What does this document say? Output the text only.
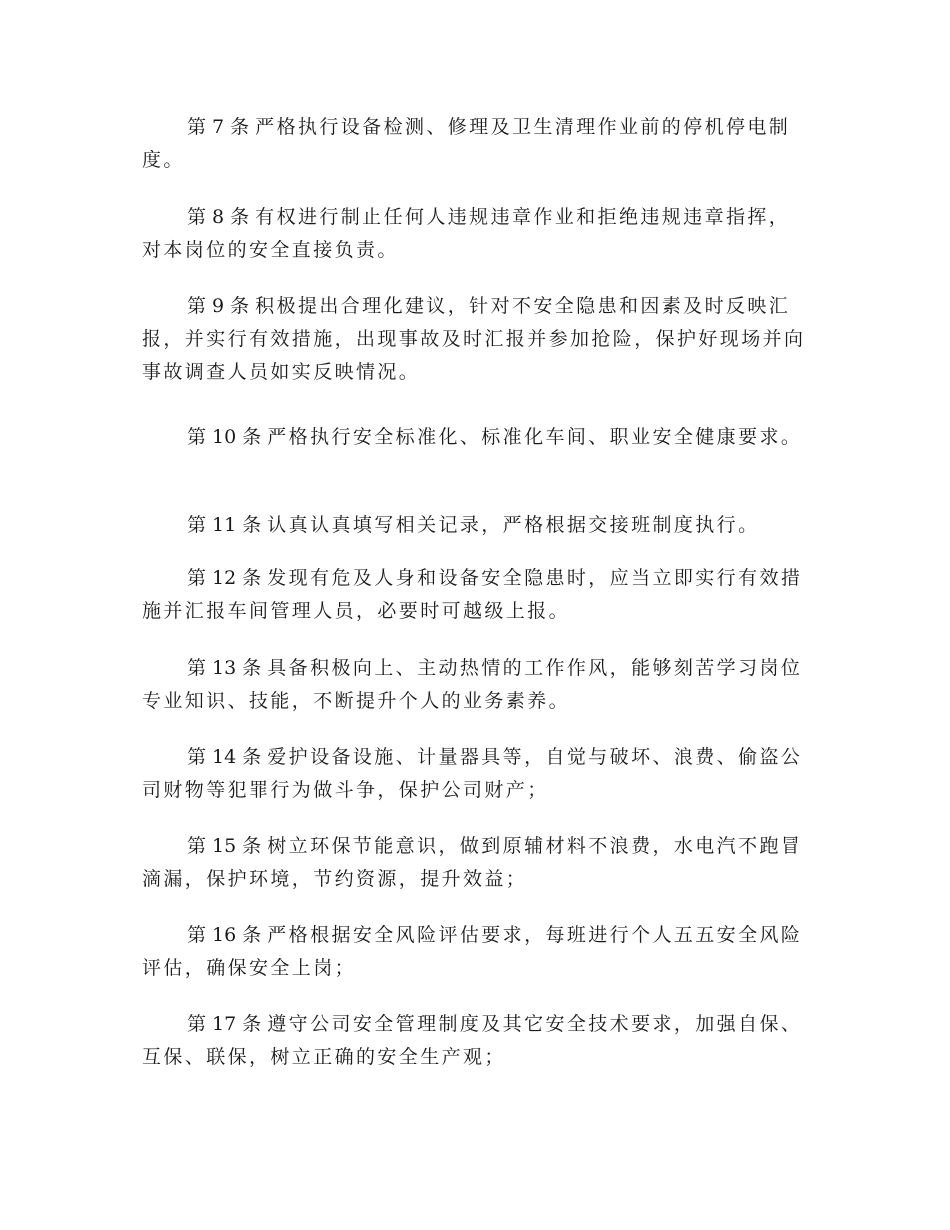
第 7 条 严格执行设备检测、修理及卫生清理作业前的停机停电制度。

第 8 条 有权进行制止任何人违规违章作业和拒绝违规违章指挥，对本岗位的安全直接负责。

第 9 条 积极提出合理化建议，针对不安全隐患和因素及时反映汇报，并实行有效措施，出现事故及时汇报并参加抢险，保护好现场并向事故调查人员如实反映情况。

第 10 条 严格执行安全标准化、标准化车间、职业安全健康要求。

第 11 条 认真认真填写相关记录，严格根据交接班制度执行。

第 12 条 发现有危及人身和设备安全隐患时，应当立即实行有效措施并汇报车间管理人员，必要时可越级上报。

第 13 条 具备积极向上、主动热情的工作作风，能够刻苦学习岗位专业知识、技能，不断提升个人的业务素养。

第 14 条 爱护设备设施、计量器具等，自觉与破坏、浪费、偷盗公司财物等犯罪行为做斗争，保护公司财产；

第 15 条 树立环保节能意识，做到原辅材料不浪费，水电汽不跑冒滴漏，保护环境，节约资源，提升效益；

第 16 条 严格根据安全风险评估要求，每班进行个人五五安全风险评估，确保安全上岗；

第 17 条 遵守公司安全管理制度及其它安全技术要求，加强自保、互保、联保，树立正确的安全生产观；
